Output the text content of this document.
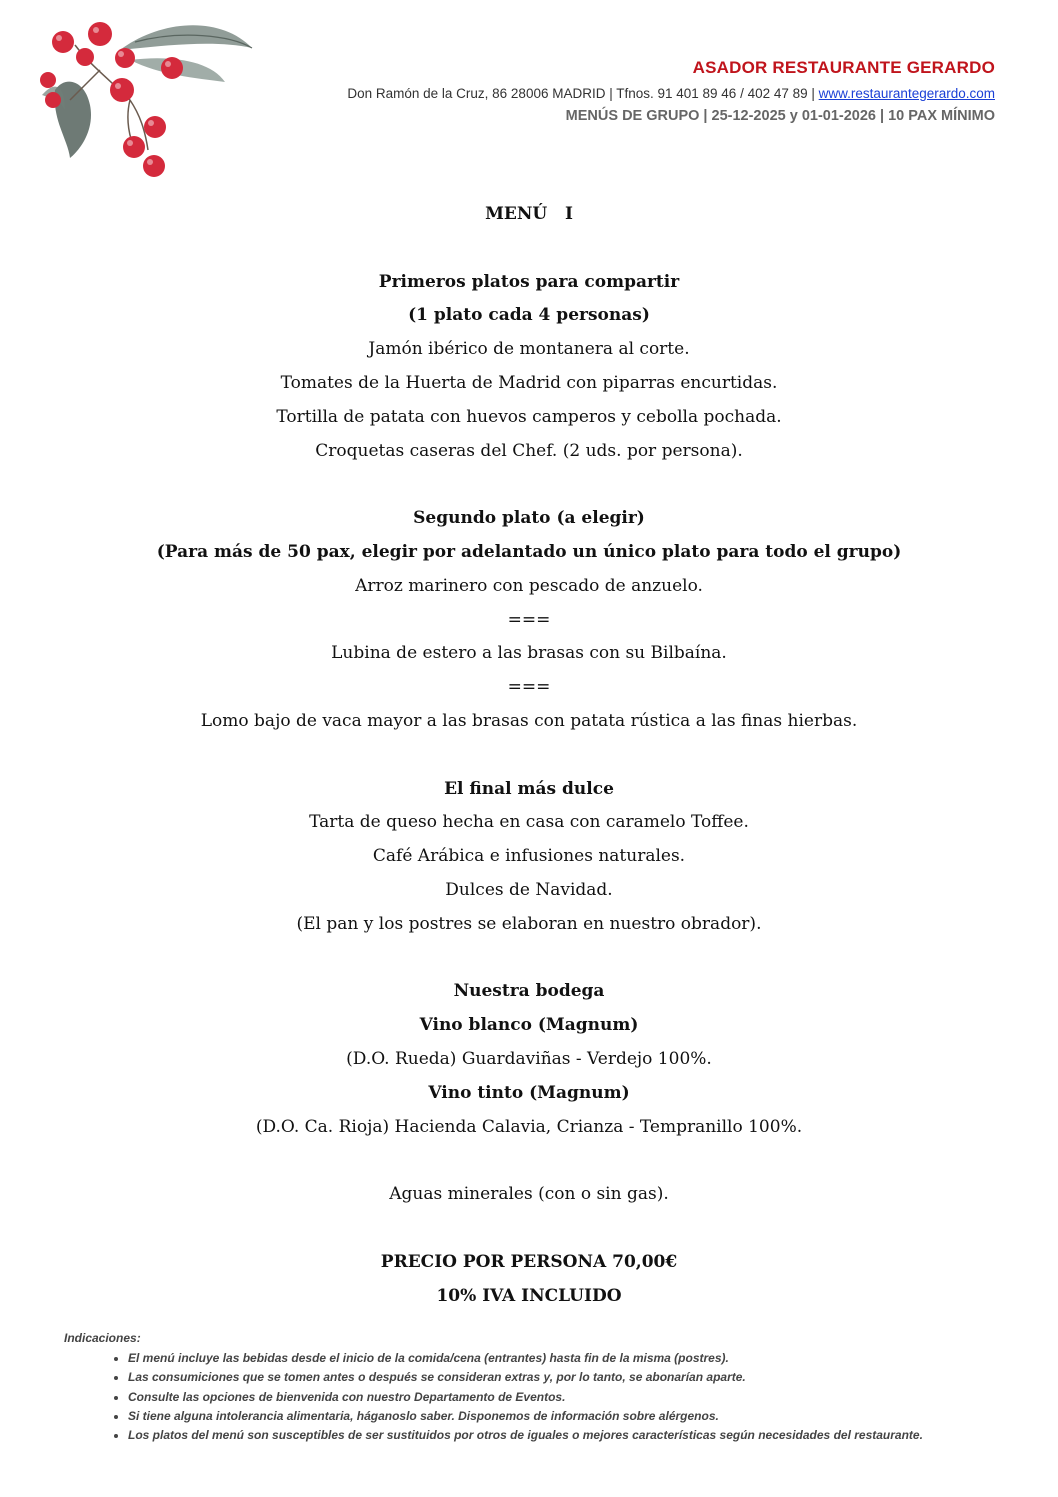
ASADOR RESTAURANTE GERARDO
Don Ramón de la Cruz, 86 28006 MADRID | Tfnos. 91 401 89 46 / 402 47 89 | www.restaurantegerardo.com
MENÚS DE GRUPO | 25-12-2025 y 01-01-2026 | 10 PAX MÍNIMO
MENÚ   I
Primeros platos para compartir
(1 plato cada 4 personas)
Jamón ibérico de montanera al corte.
Tomates de la Huerta de Madrid con piparras encurtidas.
Tortilla de patata con huevos camperos y cebolla pochada.
Croquetas caseras del Chef. (2 uds. por persona).
Segundo plato (a elegir)
(Para más de 50 pax, elegir por adelantado un único plato para todo el grupo)
Arroz marinero con pescado de anzuelo.
===
Lubina de estero a las brasas con su Bilbaína.
===
Lomo bajo de vaca mayor a las brasas con patata rústica a las finas hierbas.
El final más dulce
Tarta de queso hecha en casa con caramelo Toffee.
Café Arábica e infusiones naturales.
Dulces de Navidad.
(El pan y los postres se elaboran en nuestro obrador).
Nuestra bodega
Vino blanco (Magnum)
(D.O. Rueda) Guardaviñas - Verdejo 100%.
Vino tinto (Magnum)
(D.O. Ca. Rioja) Hacienda Calavia, Crianza - Tempranillo 100%.
Aguas minerales (con o sin gas).
PRECIO POR PERSONA 70,00€
10% IVA INCLUIDO
Indicaciones:
• El menú incluye las bebidas desde el inicio de la comida/cena (entrantes) hasta fin de la misma (postres).
• Las consumiciones que se tomen antes o después se consideran extras y, por lo tanto, se abonarían aparte.
• Consulte las opciones de bienvenida con nuestro Departamento de Eventos.
• Si tiene alguna intolerancia alimentaria, háganoslo saber. Disponemos de información sobre alérgenos.
• Los platos del menú son susceptibles de ser sustituidos por otros de iguales o mejores características según necesidades del restaurante.
